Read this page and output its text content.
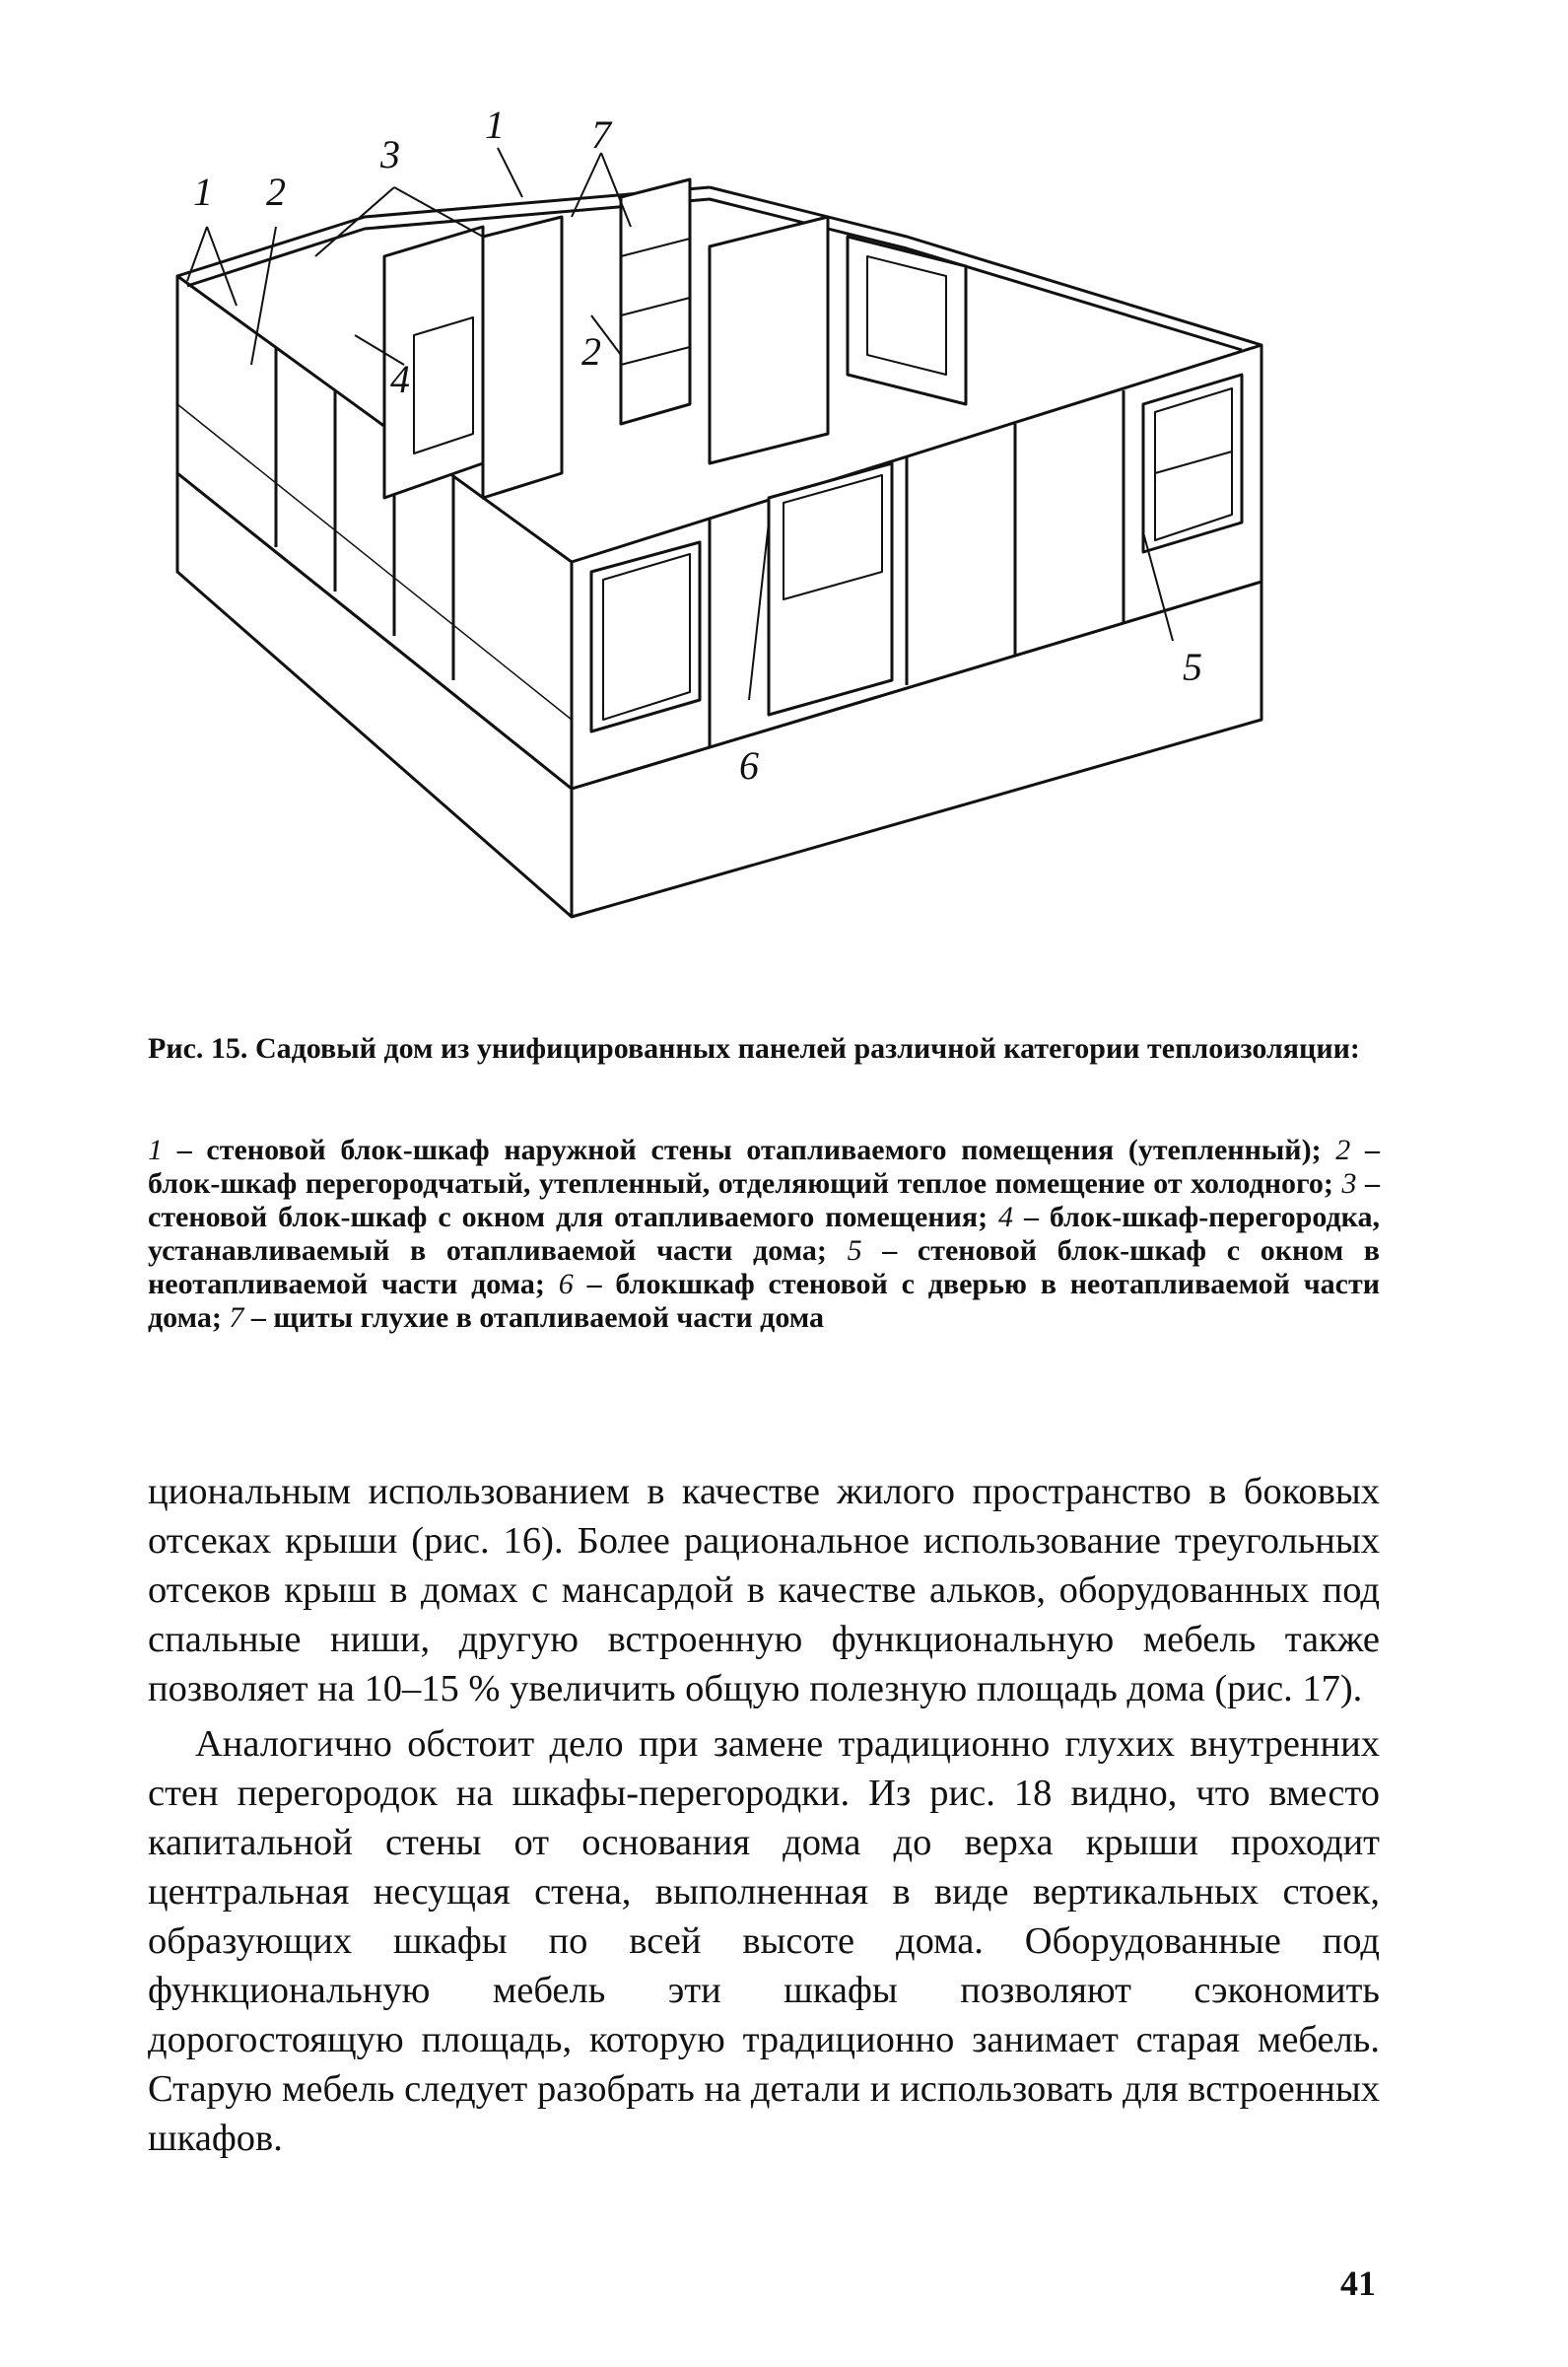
1 2
3
4
1
2
7
5
6
Рис. 15. Садовый дом из унифицированных панелей различной категории теплоизоляции:
1 – стеновой блок-шкаф наружной стены отапливаемого помещения (утепленный); 2 – блок-шкаф перегородчатый, утепленный, отделяющий теплое помещение от холодного; 3 – стеновой блок-шкаф с окном для отапливаемого помещения; 4 – блок-шкаф-перегородка, устанавливаемый в отапливаемой части дома; 5 – стеновой блок-шкаф с окном в неотапливаемой части дома; 6 – блокшкаф стеновой с дверью в неотапливаемой части дома; 7 – щиты глухие в отапливаемой части дома

циональным использованием в качестве жилого пространство в боковых отсеках крыши (рис. 16). Более рациональное использование треугольных отсеков крыш в домах с мансардой в качестве альков, оборудованных под спальные ниши, другую встроенную функциональную мебель также позволяет на 10–15 % увеличить общую полезную площадь дома (рис. 17).

Аналогично обстоит дело при замене традиционно глухих внутренних стен перегородок на шкафы-перегородки. Из рис. 18 видно, что вместо капитальной стены от основания дома до верха крыши проходит центральная несущая стена, выполненная в виде вертикальных стоек, образующих шкафы по всей высоте дома. Оборудованные под функциональную мебель эти шкафы позволяют сэкономить дорогостоящую площадь, которую традиционно занимает старая мебель. Старую мебель следует разобрать на детали и использовать для встроенных шкафов.

41
